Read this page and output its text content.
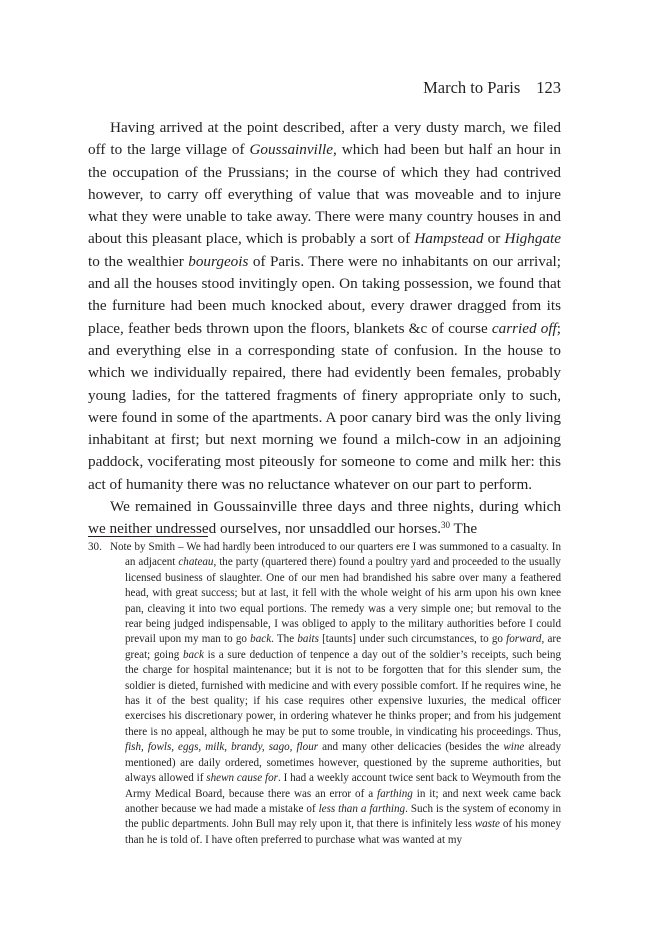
March to Paris 123

Having arrived at the point described, after a very dusty march, we filed off to the large village of Goussainville, which had been but half an hour in the occupation of the Prussians; in the course of which they had contrived however, to carry off everything of value that was moveable and to injure what they were unable to take away. There were many country houses in and about this pleasant place, which is probably a sort of Hampstead or Highgate to the wealthier bourgeois of Paris. There were no inhabitants on our arrival; and all the houses stood invitingly open. On taking possession, we found that the furniture had been much knocked about, every drawer dragged from its place, feather beds thrown upon the floors, blankets &c of course carried off; and everything else in a corresponding state of confusion. In the house to which we individually repaired, there had evidently been females, probably young ladies, for the tattered fragments of finery appropriate only to such, were found in some of the apartments. A poor canary bird was the only living inhabitant at first; but next morning we found a milch-cow in an adjoining paddock, vociferating most piteously for someone to come and milk her: this act of humanity there was no reluctance whatever on our part to perform.

We remained in Goussainville three days and three nights, during which we neither undressed ourselves, nor unsaddled our horses.$^{30}$ The

30. Note by Smith – We had hardly been introduced to our quarters ere I was summoned to a casualty. In an adjacent chateau, the party (quartered there) found a poultry yard and proceeded to the usually licensed business of slaughter. One of our men had brandished his sabre over many a feathered head, with great success; but at last, it fell with the whole weight of his arm upon his own knee pan, cleaving it into two equal portions. The remedy was a very simple one; but removal to the rear being judged indispensable, I was obliged to apply to the military authorities before I could prevail upon my man to go back. The baits [taunts] under such circumstances, to go forward, are great; going back is a sure deduction of tenpence a day out of the soldier’s receipts, such being the charge for hospital maintenance; but it is not to be forgotten that for this slender sum, the soldier is dieted, furnished with medicine and with every possible comfort. If he requires wine, he has it of the best quality; if his case requires other expensive luxuries, the medical officer exercises his discretionary power, in ordering whatever he thinks proper; and from his judgement there is no appeal, although he may be put to some trouble, in vindicating his proceedings. Thus, fish, fowls, eggs, milk, brandy, sago, flour and many other delicacies (besides the wine already mentioned) are daily ordered, sometimes however, questioned by the supreme authorities, but always allowed if shewn cause for. I had a weekly account twice sent back to Weymouth from the Army Medical Board, because there was an error of a farthing in it; and next week came back another because we had made a mistake of less than a farthing. Such is the system of economy in the public departments. John Bull may rely upon it, that there is infinitely less waste of his money than he is told of. I have often preferred to purchase what was wanted at my
